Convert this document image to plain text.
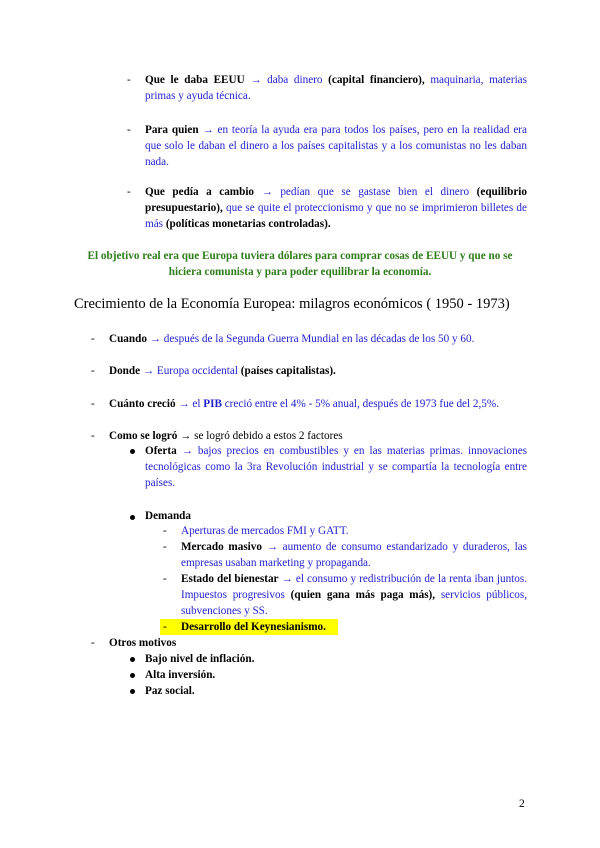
- Que le daba EEUU → daba dinero (capital financiero), maquinaria, materias primas y ayuda técnica.
- Para quien → en teoría la ayuda era para todos los países, pero en la realidad era que solo le daban el dinero a los países capitalistas y a los comunistas no les daban nada.
- Que pedía a cambio → pedían que se gastase bien el dinero (equilibrio presupuestario), que se quite el proteccionismo y que no se imprimieron billetes de más (políticas monetarias controladas).
El objetivo real era que Europa tuviera dólares para comprar cosas de EEUU y que no se hiciera comunista y para poder equilibrar la economía.
Crecimiento de la Economía Europea: milagros económicos ( 1950 - 1973)
- Cuando → después de la Segunda Guerra Mundial en las décadas de los 50 y 60.
- Donde → Europa occidental (países capitalistas).
- Cuánto creció → el PIB creció entre el 4% - 5% anual, después de 1973 fue del 2,5%.
- Como se logró → se logró debido a estos 2 factores
Oferta → bajos precios en combustibles y en las materias primas. innovaciones tecnológicas como la 3ra Revolución industrial y se compartía la tecnología entre países.
Demanda
- Aperturas de mercados FMI y GATT.
- Mercado masivo → aumento de consumo estandarizado y duraderos, las empresas usaban marketing y propaganda.
- Estado del bienestar → el consumo y redistribución de la renta iban juntos. Impuestos progresivos (quien gana más paga más), servicios públicos, subvenciones y SS.
- Desarrollo del Keynesianismo.
- Otros motivos
Bajo nivel de inflación.
Alta inversión.
Paz social.
2
